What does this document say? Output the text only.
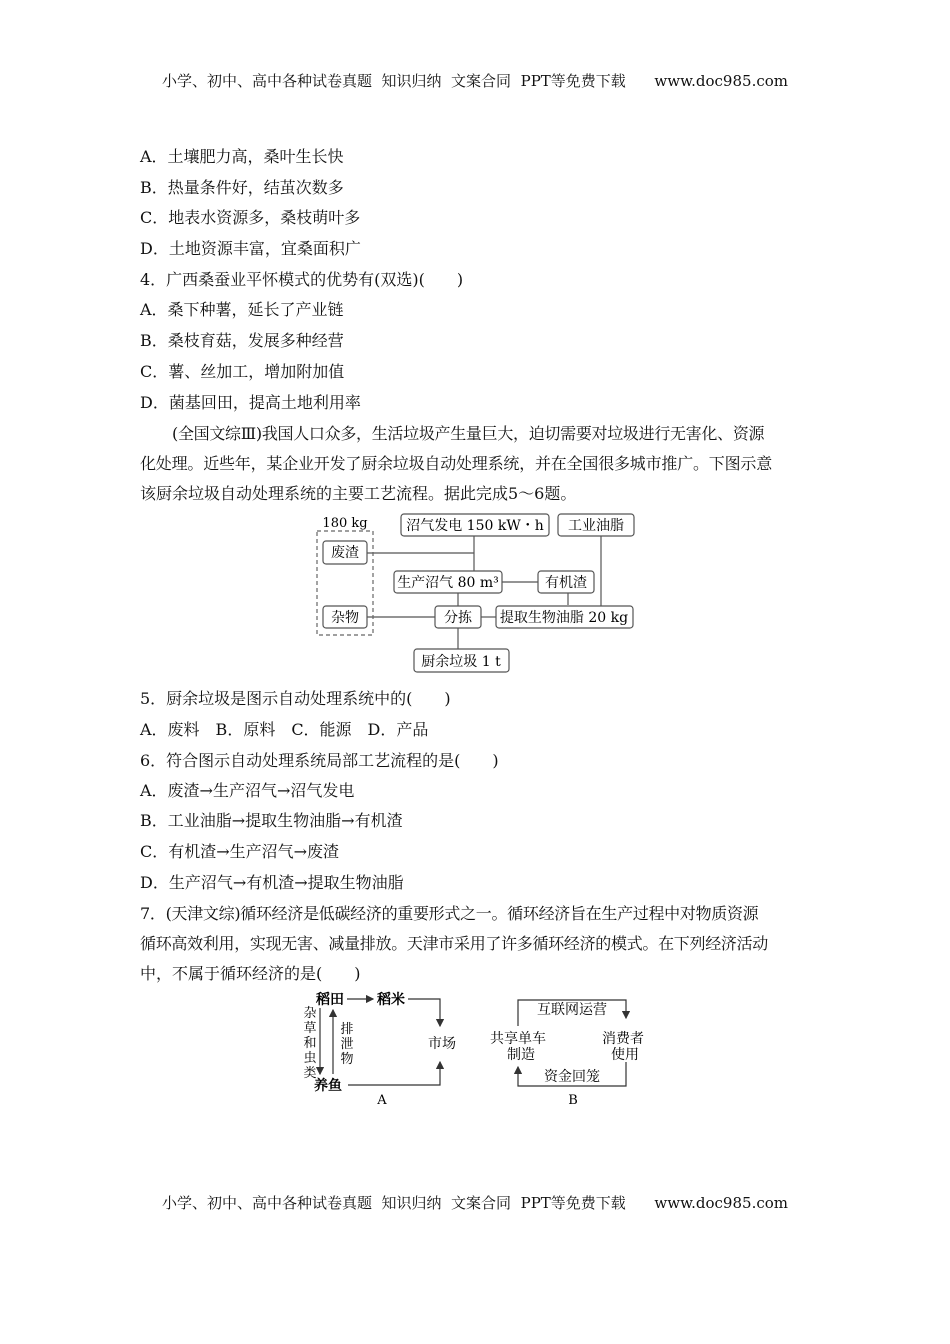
小学、初中、高中各种试卷真题  知识归纳  文案合同  PPT等免费下载      www.doc985.com
A．土壤肥力高，桑叶生长快
B．热量条件好，结茧次数多
C．地表水资源多，桑枝萌叶多
D．土地资源丰富，宜桑面积广
4．广西桑蚕业平怀模式的优势有(双选)(　　)
A．桑下种薯，延长了产业链
B．桑枝育菇，发展多种经营
C．薯、丝加工，增加附加值
D．菌基回田，提高土地利用率
(全国文综Ⅲ)我国人口众多，生活垃圾产生量巨大，迫切需要对垃圾进行无害化、资源
化处理。近些年，某企业开发了厨余垃圾自动处理系统，并在全国很多城市推广。下图示意
该厨余垃圾自动处理系统的主要工艺流程。据此完成5～6题。
180 kg
废渣
杂物
沼气发电 150 kW・h 工业油脂
生产沼气 80 m³	有机渣
分拣 提取生物油脂 20 kg
厨余垃圾 1 t
5．厨余垃圾是图示自动处理系统中的(　　)
A．废料　B．原料　C．能源　D．产品
6．符合图示自动处理系统局部工艺流程的是(　　)
A．废渣→生产沼气→沼气发电
B．工业油脂→提取生物油脂→有机渣
C．有机渣→生产沼气→废渣
D．生产沼气→有机渣→提取生物油脂
7．(天津文综)循环经济是低碳经济的重要形式之一。循环经济旨在生产过程中对物质资源
循环高效利用，实现无害、减量排放。天津市采用了许多循环经济的模式。在下列经济活动
中，不属于循环经济的是(　　)
稻田 稻米
养鱼
市场
杂
草
和
虫
类
排
泄
物
A
互联网运营
共享单车
制造
消费者
使用
资金回笼
B
小学、初中、高中各种试卷真题  知识归纳  文案合同  PPT等免费下载      www.doc985.com
